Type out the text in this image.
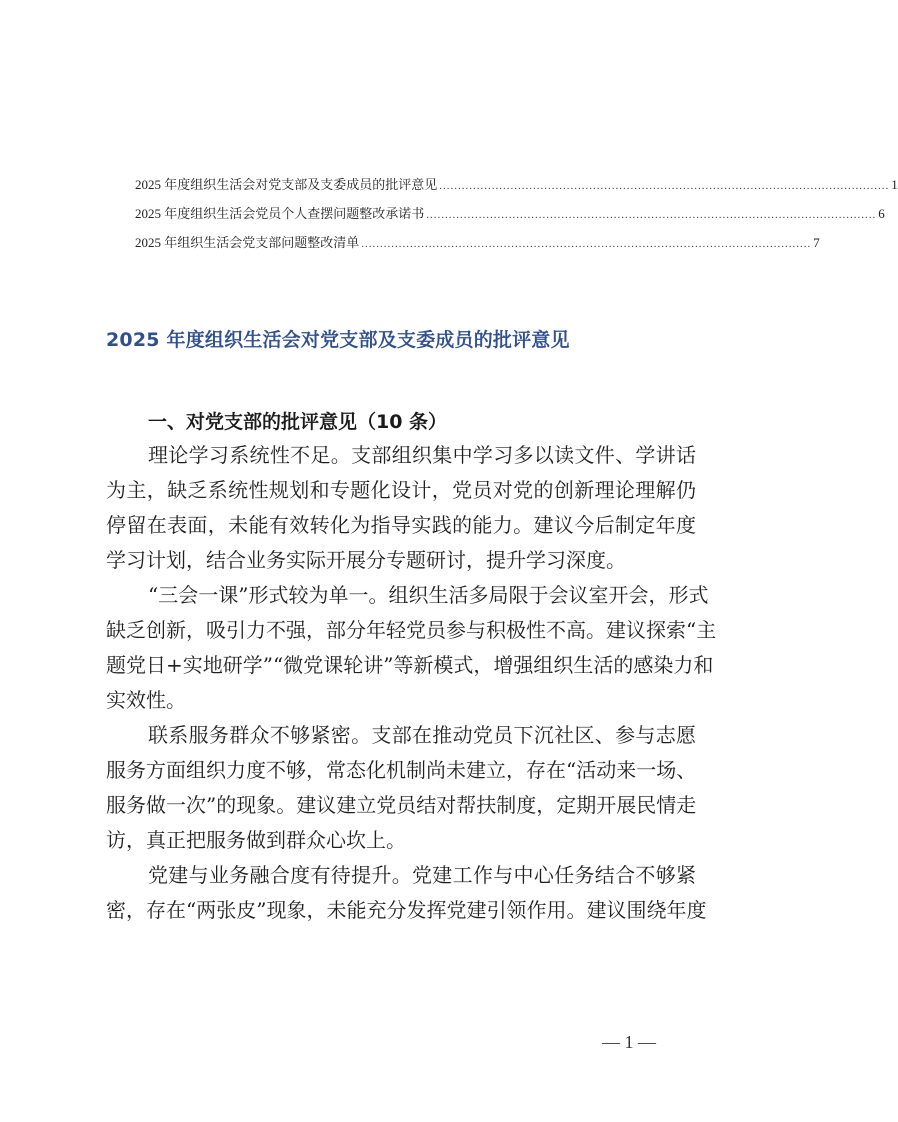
2025 年度组织生活会对党支部及支委成员的批评意见 ........................................................................................................................ 1
2025 年度组织生活会党员个人查摆问题整改承诺书 ........................................................................................................................ 6
2025 年组织生活会党支部问题整改清单 ........................................................................................................................ 7
2025 年度组织生活会对党支部及支委成员的批评意见
一、对党支部的批评意见（10 条）
理论学习系统性不足。支部组织集中学习多以读文件、学讲话
为主，缺乏系统性规划和专题化设计，党员对党的创新理论理解仍
停留在表面，未能有效转化为指导实践的能力。建议今后制定年度
学习计划，结合业务实际开展分专题研讨，提升学习深度。
“三会一课”形式较为单一。组织生活多局限于会议室开会，形式
缺乏创新，吸引力不强，部分年轻党员参与积极性不高。建议探索“主
题党日+实地研学”“微党课轮讲”等新模式，增强组织生活的感染力和
实效性。
联系服务群众不够紧密。支部在推动党员下沉社区、参与志愿
服务方面组织力度不够，常态化机制尚未建立，存在“活动来一场、
服务做一次”的现象。建议建立党员结对帮扶制度，定期开展民情走
访，真正把服务做到群众心坎上。
党建与业务融合度有待提升。党建工作与中心任务结合不够紧
密，存在“两张皮”现象，未能充分发挥党建引领作用。建议围绕年度
— 1 —
